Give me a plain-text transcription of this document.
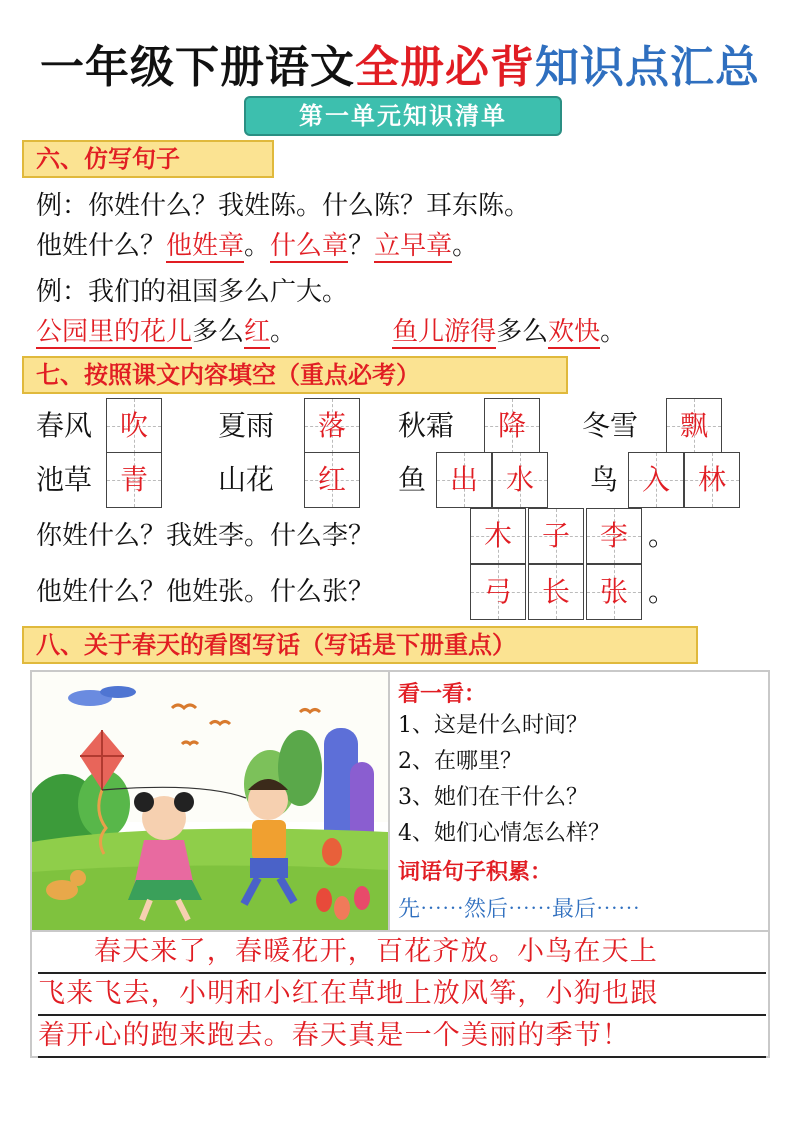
一年级下册语文全册必背知识点汇总
第一单元知识清单
六、仿写句子
例：你姓什么？我姓陈。什么陈？耳东陈。
他姓什么？他姓章。什么章？立早章。
例：我们的祖国多么广大。
公园里的花儿多么红。	鱼儿游得多么欢快。
七、按照课文内容填空（重点必考）
春风 吹	夏雨	落	秋霜	降	冬雪	飘
池草 青	山花	红	鱼 出 水	鸟 入 林
你姓什么？我姓李。什么李？	木	子	李 。
他姓什么？他姓张。什么张？	弓	长	张 。
八、关于春天的看图写话（写话是下册重点）
看一看：
1、这是什么时间？
2、在哪里？
3、她们在干什么？
4、她们心情怎么样？
词语句子积累：
先⋯⋯然后⋯⋯最后⋯⋯
春天来了，春暖花开，百花齐放。小鸟在天上
飞来飞去，小明和小红在草地上放风筝，小狗也跟
着开心的跑来跑去。春天真是一个美丽的季节！
